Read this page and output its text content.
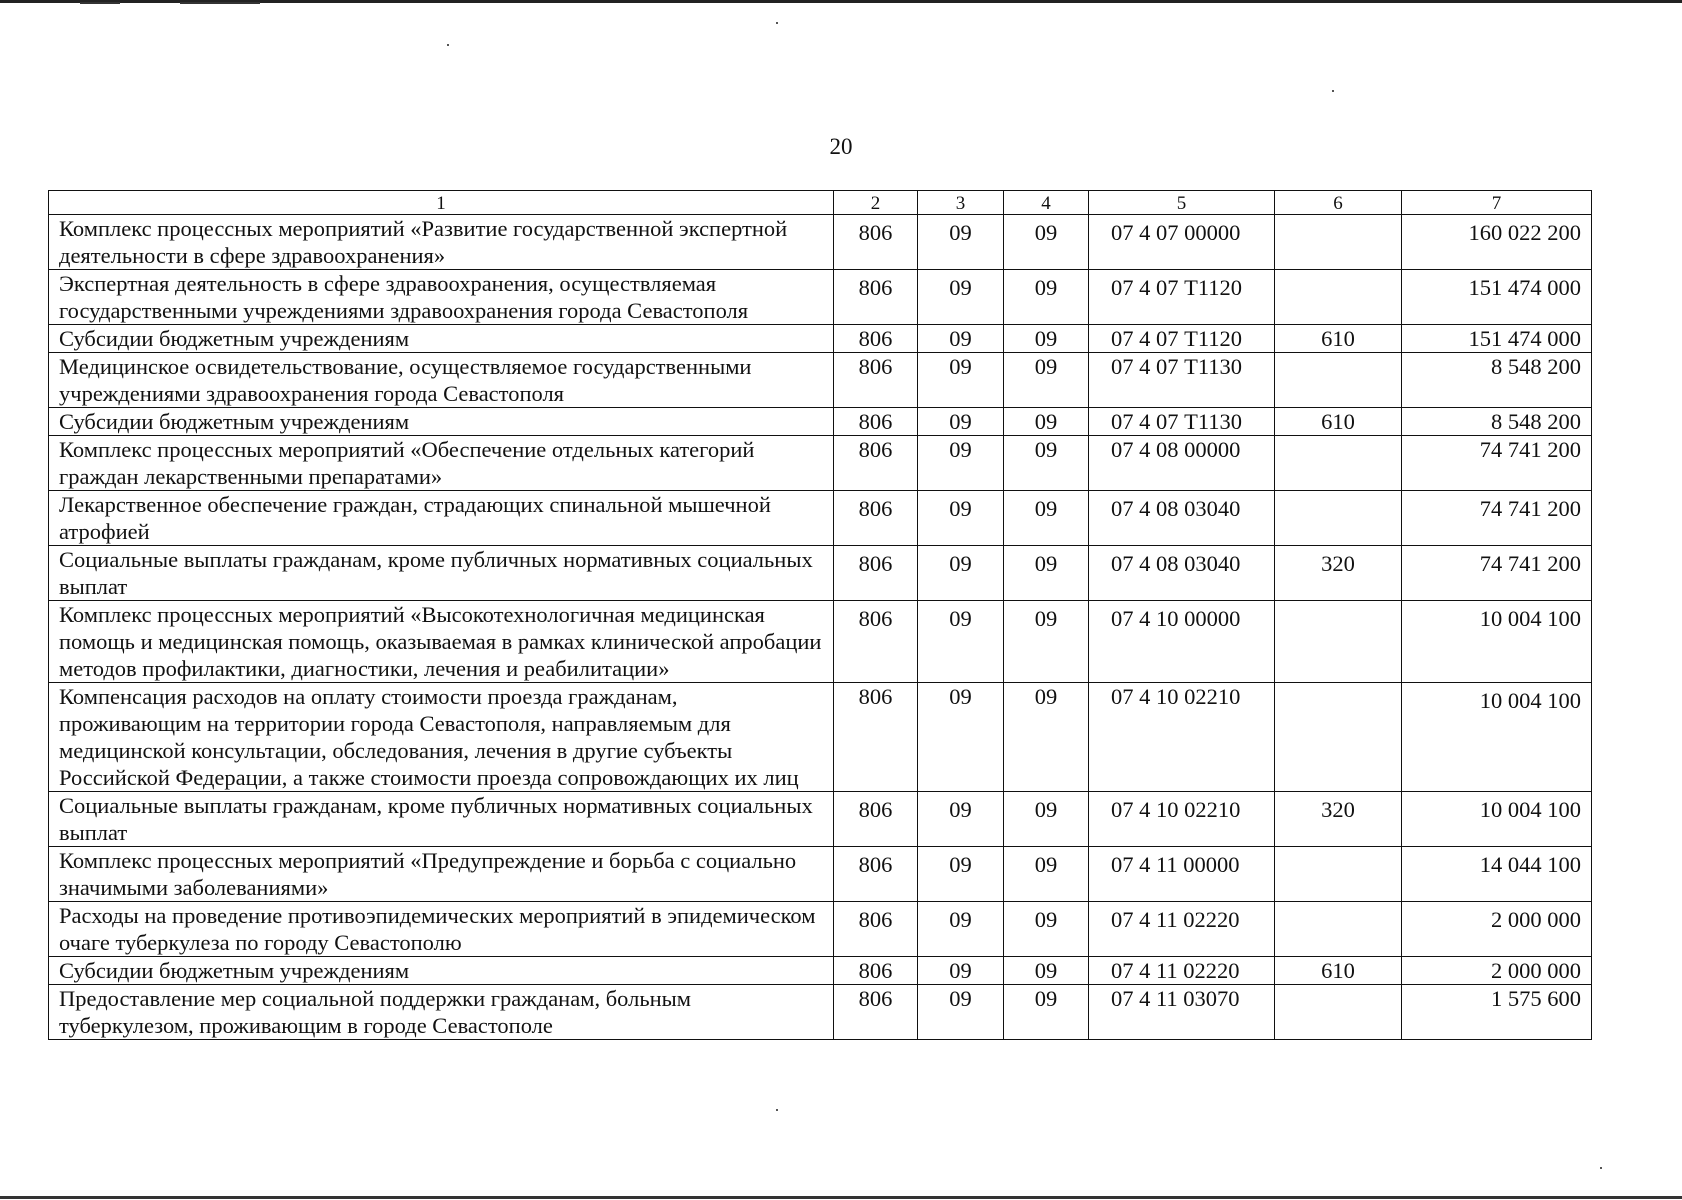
20
1	2	3	4	5	6	7
Комплекс процессных мероприятий «Развитие государственной экспертной деятельности в сфере здравоохранения»	806	09	09	07 4 07 00000		160 022 200
Экспертная деятельность в сфере здравоохранения, осуществляемая государственными учреждениями здравоохранения города Севастополя	806	09	09	07 4 07 Т1120		151 474 000
Субсидии бюджетным учреждениям	806	09	09	07 4 07 Т1120	610	151 474 000
Медицинское освидетельствование, осуществляемое государственными учреждениями здравоохранения города Севастополя	806	09	09	07 4 07 Т1130		8 548 200
Субсидии бюджетным учреждениям	806	09	09	07 4 07 Т1130	610	8 548 200
Комплекс процессных мероприятий «Обеспечение отдельных категорий граждан лекарственными препаратами»	806	09	09	07 4 08 00000		74 741 200
Лекарственное обеспечение граждан, страдающих спинальной мышечной атрофией	806	09	09	07 4 08 03040		74 741 200
Социальные выплаты гражданам, кроме публичных нормативных социальных выплат	806	09	09	07 4 08 03040	320	74 741 200
Комплекс процессных мероприятий «Высокотехнологичная медицинская помощь и медицинская помощь, оказываемая в рамках клинической апробации методов профилактики, диагностики, лечения и реабилитации»	806	09	09	07 4 10 00000		10 004 100
Компенсация расходов на оплату стоимости проезда гражданам, проживающим на территории города Севастополя, направляемым для медицинской консультации, обследования, лечения в другие субъекты Российской Федерации, а также стоимости проезда сопровождающих их лиц	806	09	09	07 4 10 02210		10 004 100
Социальные выплаты гражданам, кроме публичных нормативных социальных выплат	806	09	09	07 4 10 02210	320	10 004 100
Комплекс процессных мероприятий «Предупреждение и борьба с социально значимыми заболеваниями»	806	09	09	07 4 11 00000		14 044 100
Расходы на проведение противоэпидемических мероприятий в эпидемическом очаге туберкулеза по городу Севастополю	806	09	09	07 4 11 02220		2 000 000
Субсидии бюджетным учреждениям	806	09	09	07 4 11 02220	610	2 000 000
Предоставление мер социальной поддержки гражданам, больным туберкулезом, проживающим в городе Севастополе	806	09	09	07 4 11 03070		1 575 600
